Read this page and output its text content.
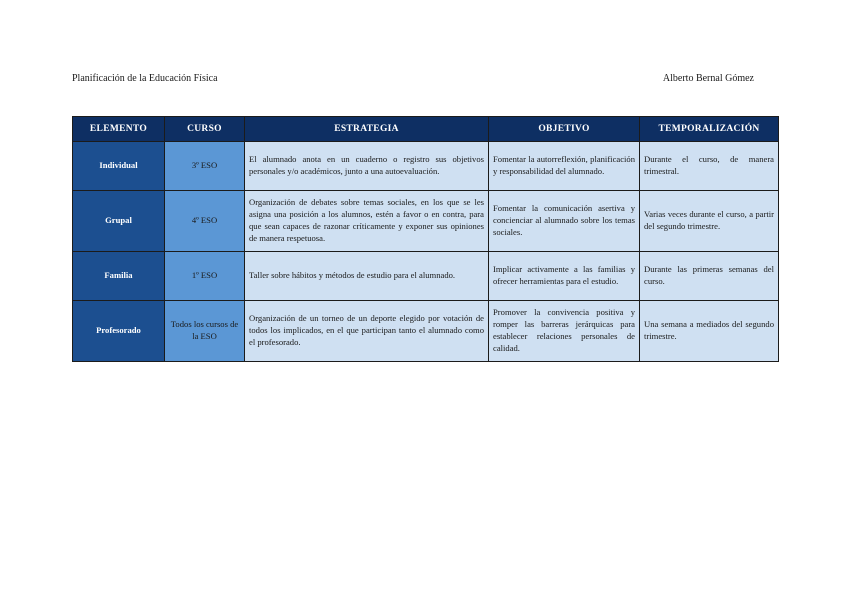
Planificación de la Educación Física	Alberto Bernal Gómez
ELEMENTO	CURSO	ESTRATEGIA	OBJETIVO	TEMPORALIZACIÓN
Individual	3º ESO	El alumnado anota en un cuaderno o registro sus objetivos personales y/o académicos, junto a una autoevaluación.	Fomentar la autorreflexión, planificación y responsabilidad del alumnado.	Durante el curso, de manera trimestral.
Grupal	4º ESO	Organización de debates sobre temas sociales, en los que se les asigna una posición a los alumnos, estén a favor o en contra, para que sean capaces de razonar críticamente y exponer sus opiniones de manera respetuosa.	Fomentar la comunicación asertiva y concienciar al alumnado sobre los temas sociales.	Varias veces durante el curso, a partir del segundo trimestre.
Familia	1º ESO	Taller sobre hábitos y métodos de estudio para el alumnado.	Implicar activamente a las familias y ofrecer herramientas para el estudio.	Durante las primeras semanas del curso.
Profesorado	Todos los cursos de la ESO	Organización de un torneo de un deporte elegido por votación de todos los implicados, en el que participan tanto el alumnado como el profesorado.	Promover la convivencia positiva y romper las barreras jerárquicas para establecer relaciones personales de calidad.	Una semana a mediados del segundo trimestre.
